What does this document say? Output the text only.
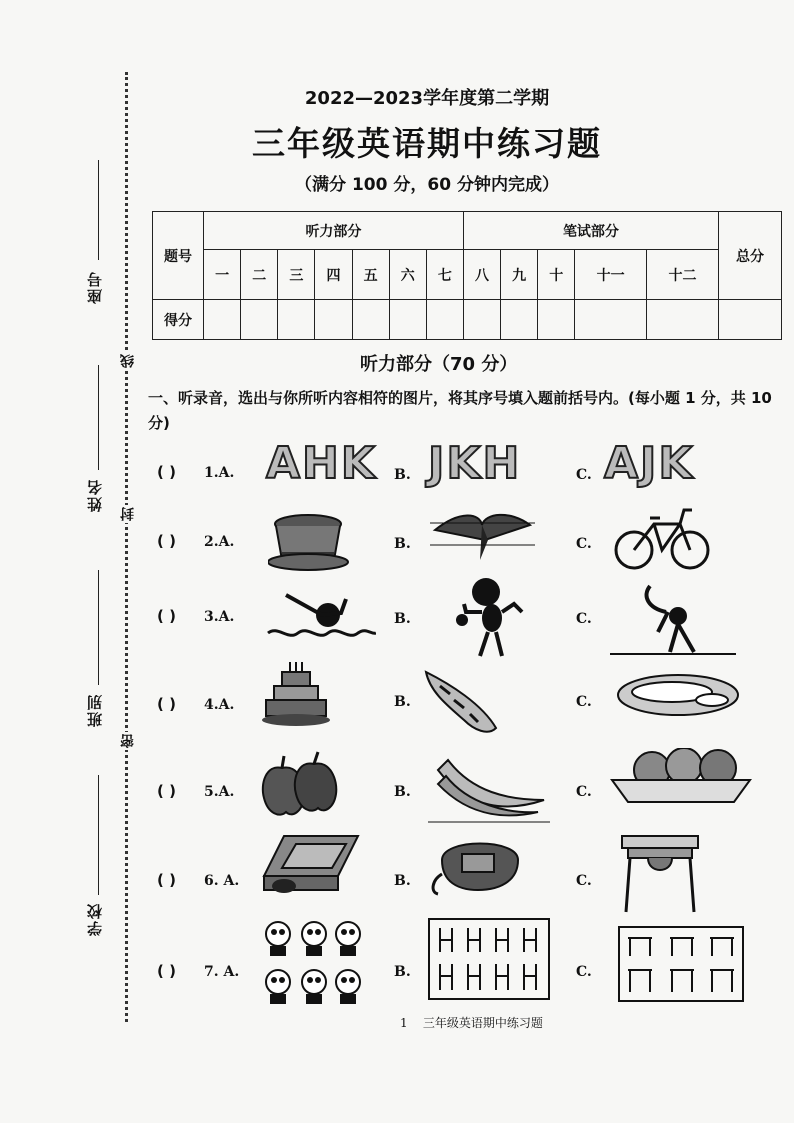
座号
姓名
班别
学校
线
封
密
2022—2023学年度第二学期
三年级英语期中练习题
（满分 100 分，60 分钟内完成）
题号	听力部分							笔试部分					总分
	一	二	三	四	五	六	七	八	九	十	十一	十二	
得分													
听力部分（70 分）
一、听录音，选出与你所听内容相符的图片，将其序号填入题前括号内。(每小题 1 分，共 10 分)
( ) 1.A. AHK B. JKH	C. AJK
( ) 2.A.	B.	C.
( ) 3.A.	B.	C.
( ) 4.A.	B.	C.
( ) 5.A.	B.	C.
( ) 6. A.	B.	C.
( ) 7. A.	B.	C.
1 三年级英语期中练习题
